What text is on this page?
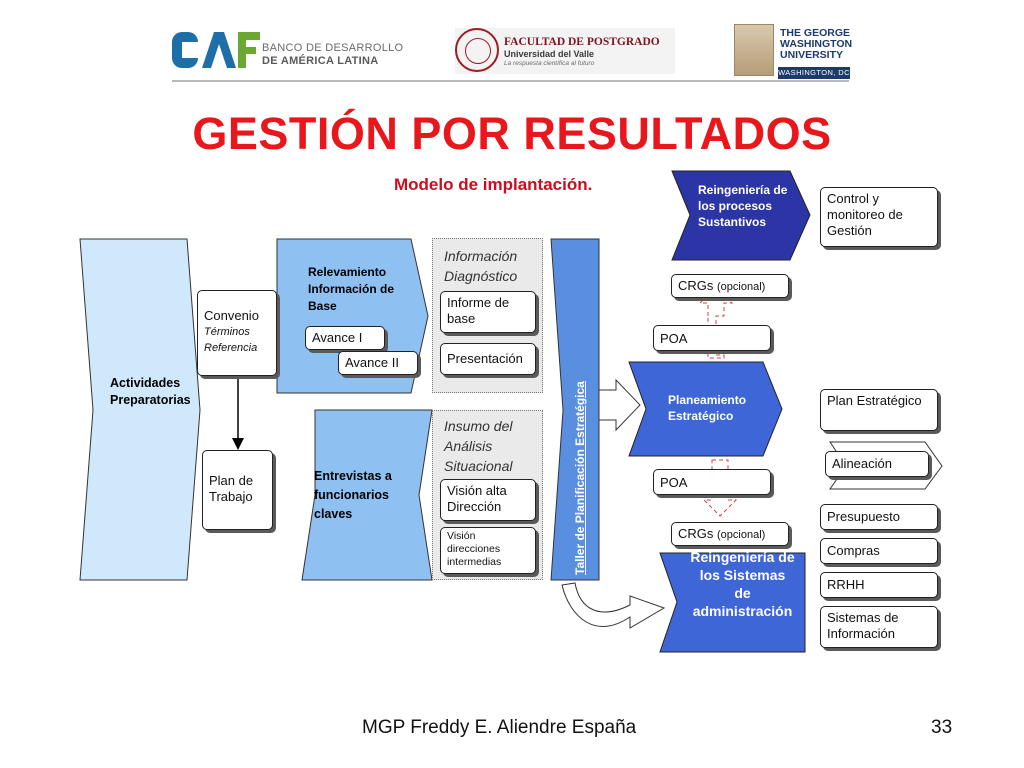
BANCO DE DESARROLLO
DE AMÉRICA LATINA
FACULTAD DE POSTGRADO
Universidad del Valle
La respuesta científica al futuro
THE GEORGE
WASHINGTON
UNIVERSITY
WASHINGTON, DC
GESTIÓN POR RESULTADOS
Modelo de implantación.
Actividades Preparatorias
Convenio
Términos
Referencia
Plan de Trabajo
Relevamiento Información de Base
Avance I
Avance II
Entrevistas a funcionarios claves
Información Diagnóstico
Informe de base
Presentación
Insumo del Análisis Situacional
Visión alta Dirección
Visión direcciones intermedias	Taller de Planificación Estratégica
Reingeniería de los procesos Sustantivos
CRGs (opcional)
POA
Planeamiento Estratégico
POA
CRGs (opcional)
Reingeniería de los Sistemas de administración
Control y monitoreo de Gestión
Plan Estratégico
Alineación
Presupuesto
Compras
RRHH
Sistemas de Información
MGP Freddy E. Aliendre España	33
